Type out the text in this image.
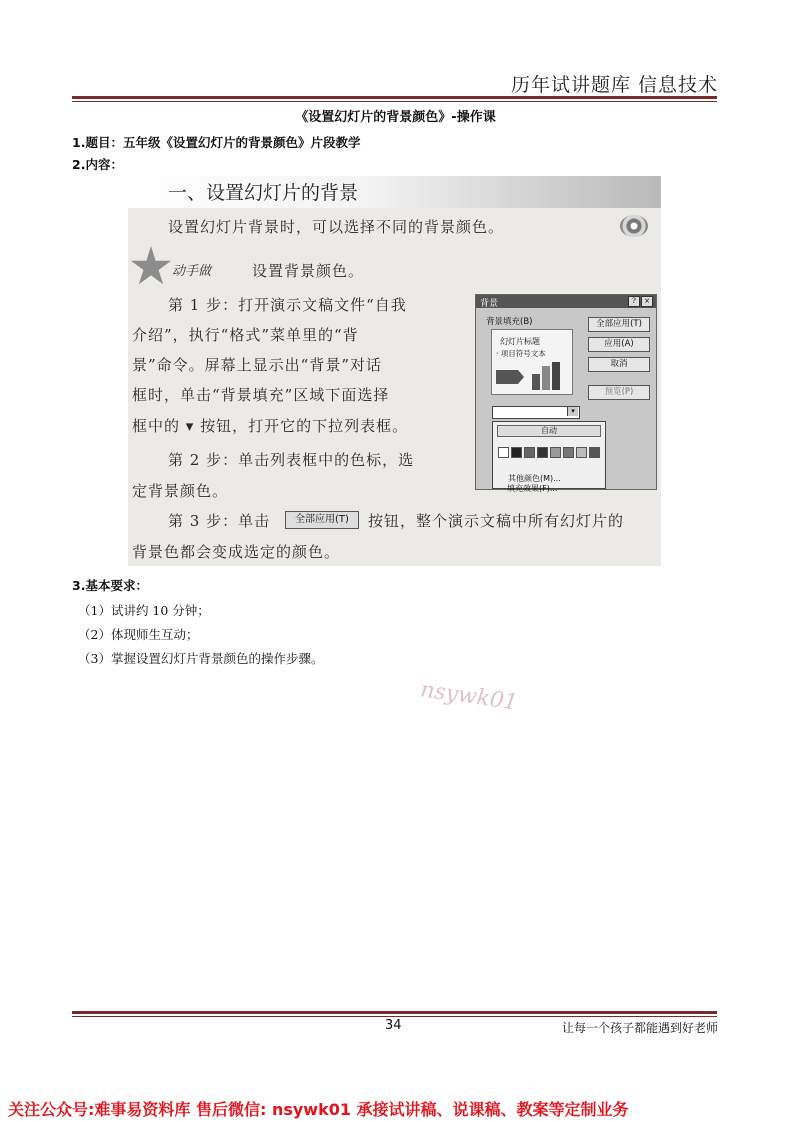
历年试讲题库 信息技术
《设置幻灯片的背景颜色》-操作课
1.题目：五年级《设置幻灯片的背景颜色》片段教学
2.内容：
一、设置幻灯片的背景
设置幻灯片背景时，可以选择不同的背景颜色。
动手做	设置背景颜色。
第 1 步：打开演示文稿文件“自我
介绍”，执行“格式”菜单里的“背
景”命令。屏幕上显示出“背景”对话
框时，单击“背景填充”区域下面选择
框中的 ▾ 按钮，打开它的下拉列表框。
第 2 步：单击列表框中的色标，选
定背景颜色。
第 3 步：单击	全部应用(T)	按钮，整个演示文稿中所有幻灯片的
背景色都会变成选定的颜色。
背景	?	×
背景填充(B)
幻灯片标题
· 项目符号文本
全部应用(T)
应用(A)
取消
预览(P)
▾
自动
其他颜色(M)...
填充效果(F)...
nsywk01
3.基本要求：
（1）试讲约 10 分钟；
（2）体现师生互动；
（3）掌握设置幻灯片背景颜色的操作步骤。
34	让每一个孩子都能遇到好老师
关注公众号:难事易资料库 售后微信: nsywk01 承接试讲稿、说课稿、教案等定制业务
